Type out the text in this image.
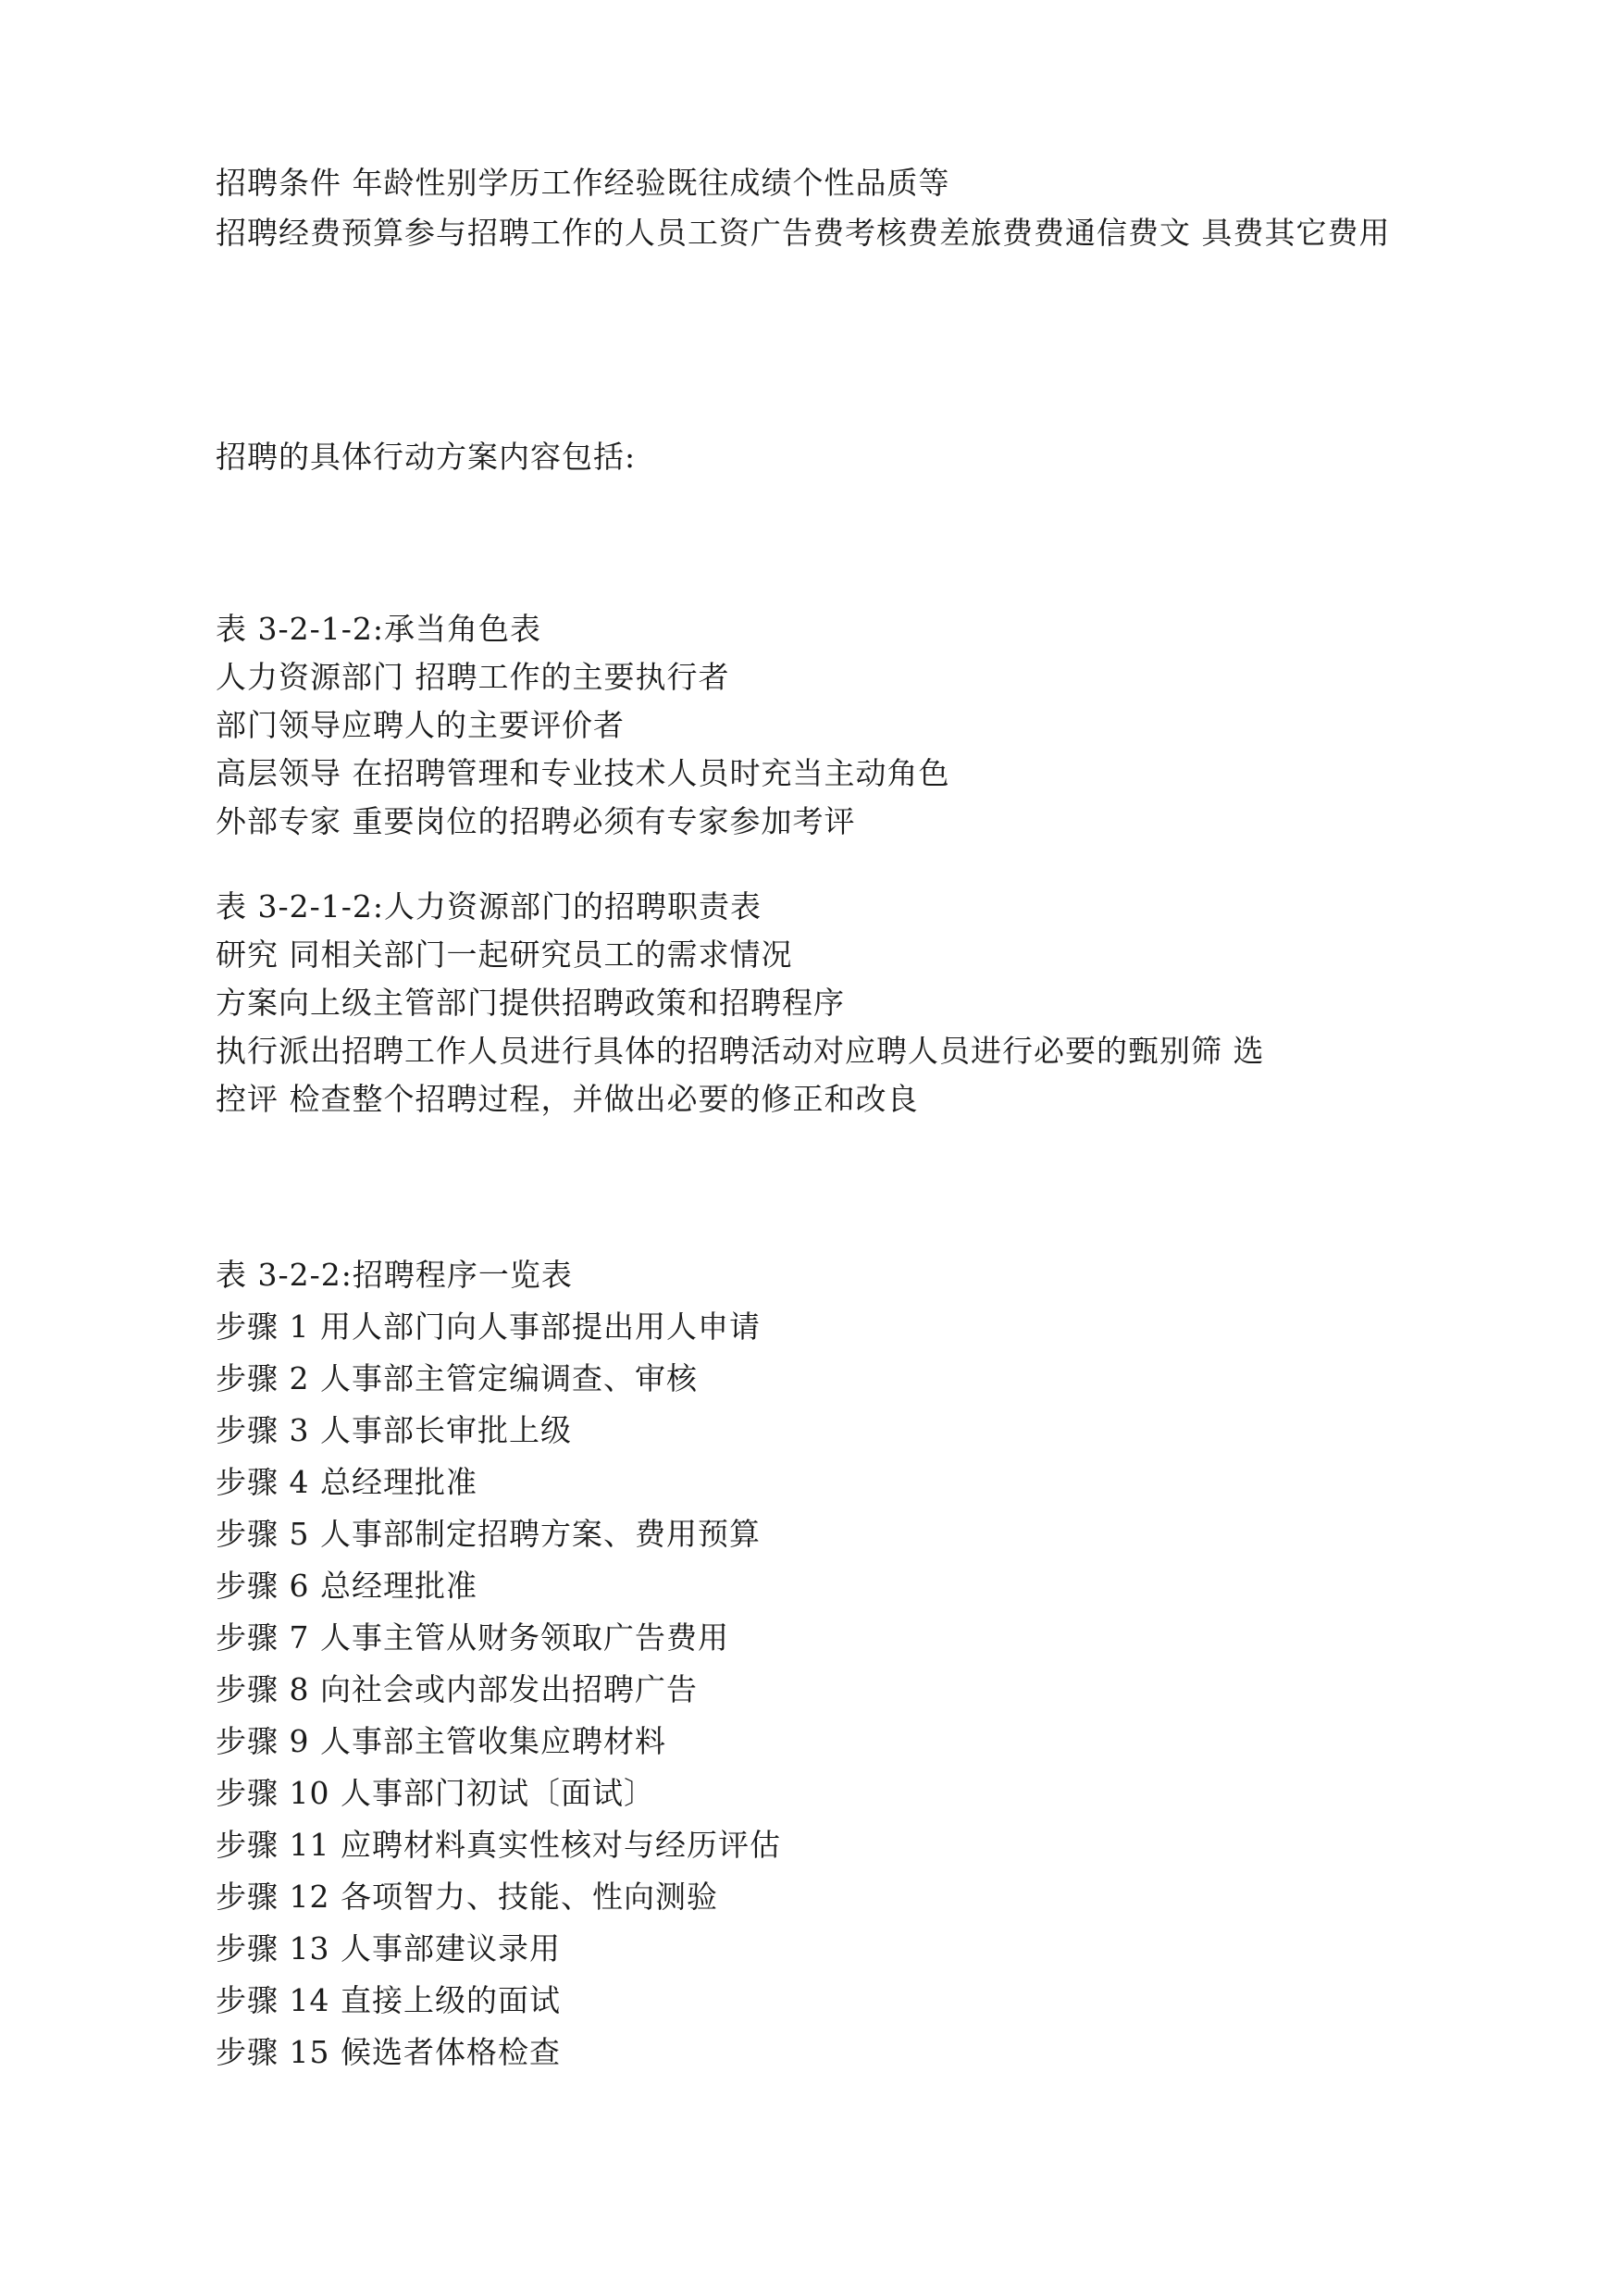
招聘条件 年龄性别学历工作经验既往成绩个性品质等
招聘经费预算参与招聘工作的人员工资广告费考核费差旅费费通信费文 具费其它费用
招聘的具体行动方案内容包括:
表 3-2-1-2:承当角色表
人力资源部门 招聘工作的主要执行者
部门领导应聘人的主要评价者
高层领导 在招聘管理和专业技术人员时充当主动角色
外部专家 重要岗位的招聘必须有专家参加考评
表 3-2-1-2:人力资源部门的招聘职责表
研究 同相关部门一起研究员工的需求情况
方案向上级主管部门提供招聘政策和招聘程序
执行派出招聘工作人员进行具体的招聘活动对应聘人员进行必要的甄别筛 选
控评 检查整个招聘过程，并做出必要的修正和改良
表 3-2-2:招聘程序一览表
步骤 1 用人部门向人事部提出用人申请
步骤 2 人事部主管定编调查、审核
步骤 3 人事部长审批上级
步骤 4 总经理批准
步骤 5 人事部制定招聘方案、费用预算
步骤 6 总经理批准
步骤 7 人事主管从财务领取广告费用
步骤 8 向社会或内部发出招聘广告
步骤 9 人事部主管收集应聘材料
步骤 10 人事部门初试〔面试〕
步骤 11 应聘材料真实性核对与经历评估
步骤 12 各项智力、技能、性向测验
步骤 13 人事部建议录用
步骤 14 直接上级的面试
步骤 15 候选者体格检查
